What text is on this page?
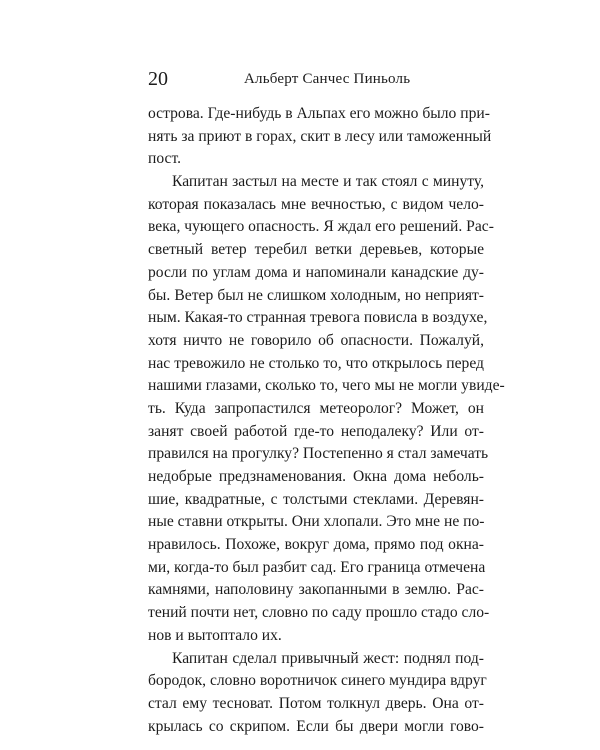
20	Альберт Санчес Пиньоль
острова. Где-нибудь в Альпах его можно было при-
нять за приют в горах, скит в лесу или таможенный
пост.
Капитан застыл на месте и так стоял с минуту,
которая показалась мне вечностью, с видом чело-
века, чующего опасность. Я ждал его решений. Рас-
светный ветер теребил ветки деревьев, которые
росли по углам дома и напоминали канадские ду-
бы. Ветер был не слишком холодным, но неприят-
ным. Какая-то странная тревога повисла в воздухе,
хотя ничто не говорило об опасности. Пожалуй,
нас тревожило не столько то, что открылось перед
нашими глазами, сколько то, чего мы не могли увиде-
ть. Куда запропастился метеоролог? Может, он
занят своей работой где-то неподалеку? Или от-
правился на прогулку? Постепенно я стал замечать
недобрые предзнаменования. Окна дома неболь-
шие, квадратные, с толстыми стеклами. Деревян-
ные ставни открыты. Они хлопали. Это мне не по-
нравилось. Похоже, вокруг дома, прямо под окна-
ми, когда-то был разбит сад. Его граница отмечена
камнями, наполовину закопанными в землю. Рас-
тений почти нет, словно по саду прошло стадо сло-
нов и вытоптало их.
Капитан сделал привычный жест: поднял под-
бородок, словно воротничок синего мундира вдруг
стал ему тесноват. Потом толкнул дверь. Она от-
крылась со скрипом. Если бы двери могли гово-
